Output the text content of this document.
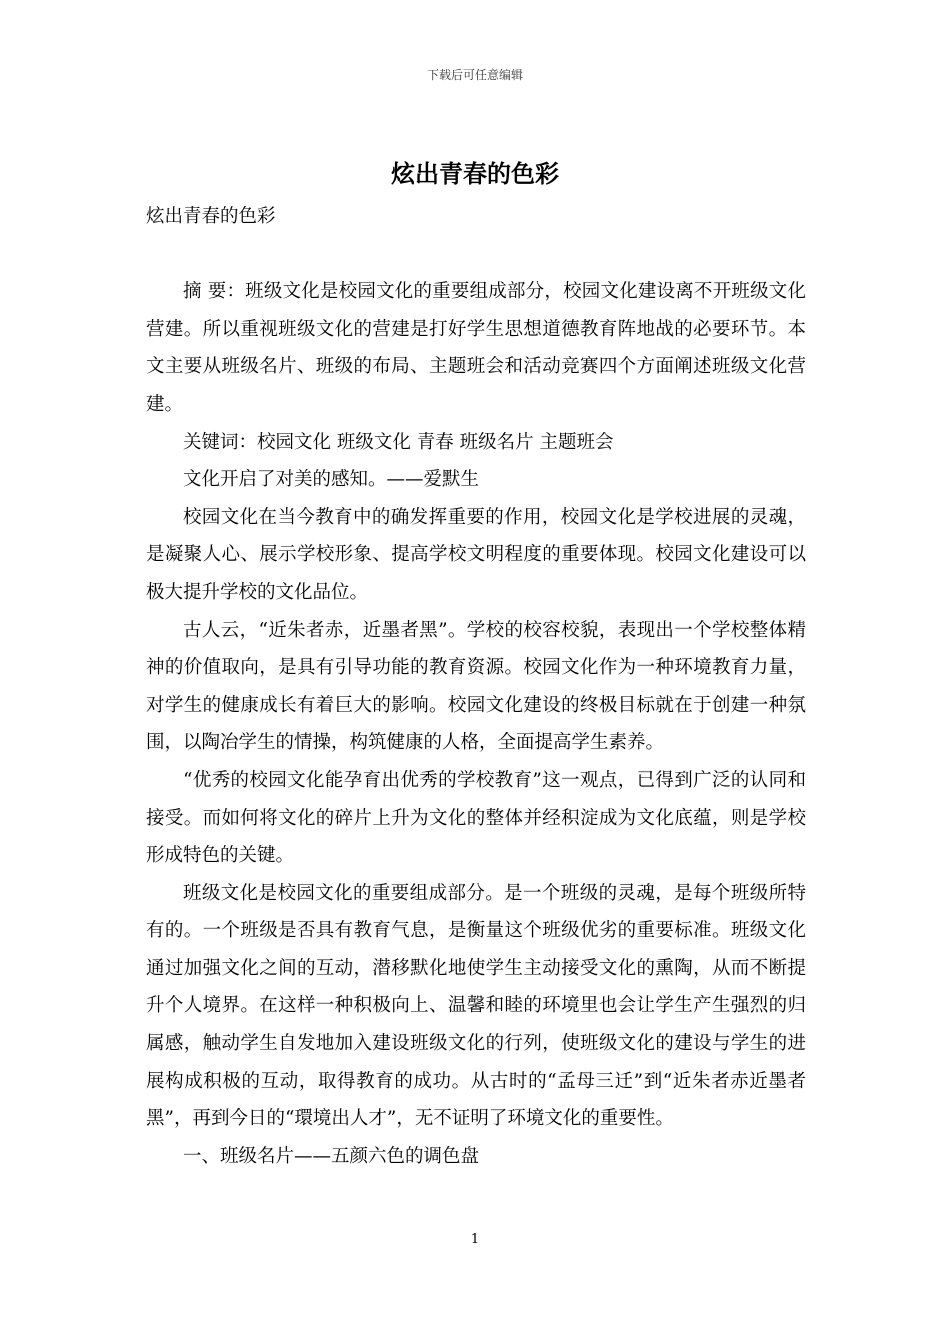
下载后可任意编辑
炫出青春的色彩

炫出青春的色彩

摘 要：班级文化是校园文化的重要组成部分，校园文化建设离不开班级文化营建。所以重视班级文化的营建是打好学生思想道德教育阵地战的必要环节。本文主要从班级名片、班级的布局、主题班会和活动竞赛四个方面阐述班级文化营建。

关键词：校园文化 班级文化 青春 班级名片 主题班会

文化开启了对美的感知。——爱默生

校园文化在当今教育中的确发挥重要的作用，校园文化是学校进展的灵魂，是凝聚人心、展示学校形象、提高学校文明程度的重要体现。校园文化建设可以极大提升学校的文化品位。

古人云，“近朱者赤，近墨者黑”。学校的校容校貌，表现出一个学校整体精神的价值取向，是具有引导功能的教育资源。校园文化作为一种环境教育力量，对学生的健康成长有着巨大的影响。校园文化建设的终极目标就在于创建一种氛围，以陶冶学生的情操，构筑健康的人格，全面提高学生素养。

“优秀的校园文化能孕育出优秀的学校教育”这一观点，已得到广泛的认同和接受。而如何将文化的碎片上升为文化的整体并经积淀成为文化底蕴，则是学校形成特色的关键。

班级文化是校园文化的重要组成部分。是一个班级的灵魂，是每个班级所特有的。一个班级是否具有教育气息，是衡量这个班级优劣的重要标准。班级文化通过加强文化之间的互动，潜移默化地使学生主动接受文化的熏陶，从而不断提升个人境界。在这样一种积极向上、温馨和睦的环境里也会让学生产生强烈的归属感，触动学生自发地加入建设班级文化的行列，使班级文化的建设与学生的进展构成积极的互动，取得教育的成功。从古时的“孟母三迁”到“近朱者赤近墨者黑”，再到今日的“環境出人才”，无不证明了环境文化的重要性。

一、班级名片——五颜六色的调色盘

1
